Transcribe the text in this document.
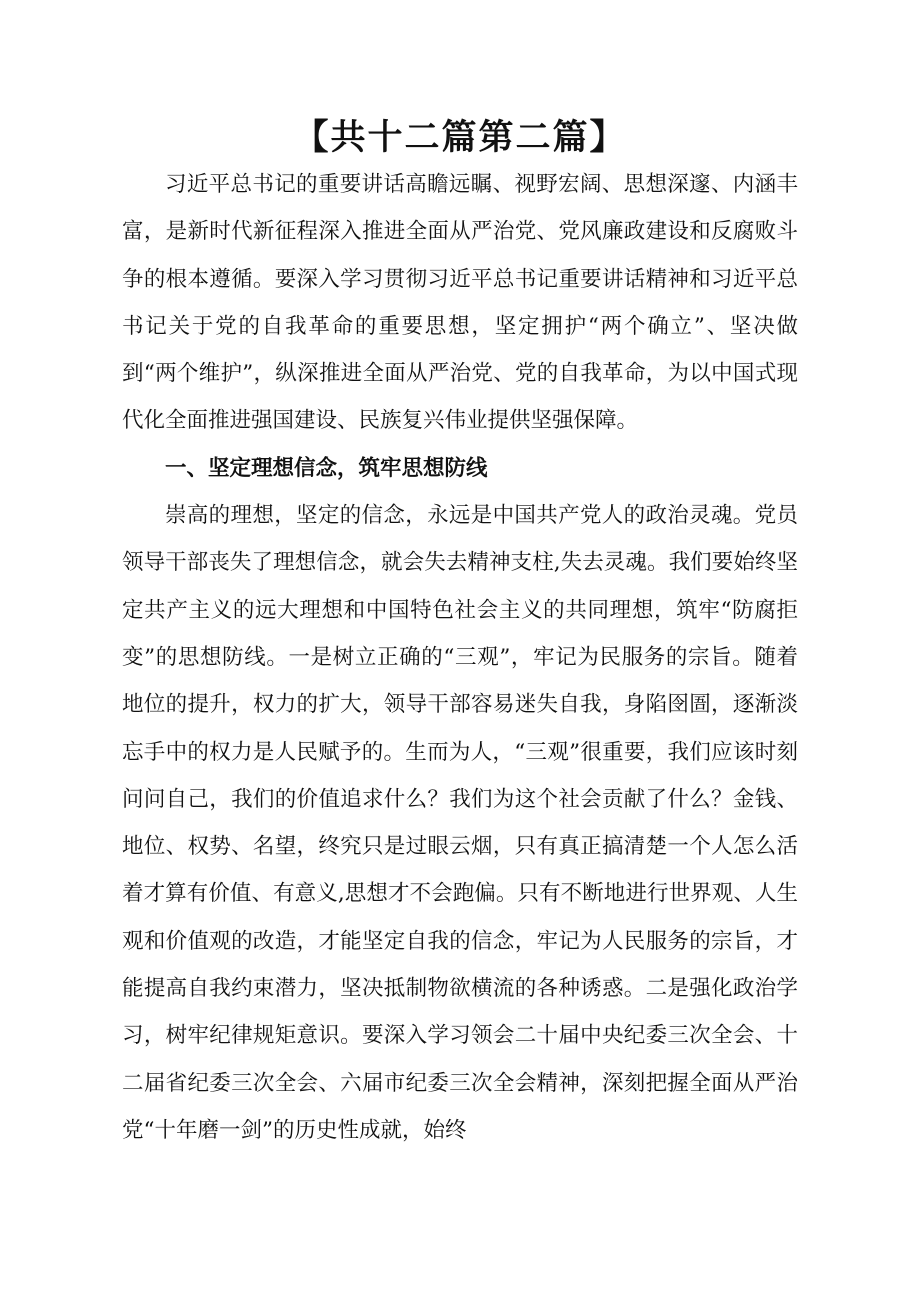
【共十二篇第二篇】

习近平总书记的重要讲话高瞻远瞩、视野宏阔、思想深邃、内涵丰富，是新时代新征程深入推进全面从严治党、党风廉政建设和反腐败斗争的根本遵循。要深入学习贯彻习近平总书记重要讲话精神和习近平总书记关于党的自我革命的重要思想，坚定拥护“两个确立”、坚决做到“两个维护”，纵深推进全面从严治党、党的自我革命，为以中国式现代化全面推进强国建设、民族复兴伟业提供坚强保障。

一、坚定理想信念，筑牢思想防线

崇高的理想，坚定的信念，永远是中国共产党人的政治灵魂。党员领导干部丧失了理想信念，就会失去精神支柱,失去灵魂。我们要始终坚定共产主义的远大理想和中国特色社会主义的共同理想，筑牢“防腐拒变”的思想防线。一是树立正确的“三观”，牢记为民服务的宗旨。随着地位的提升，权力的扩大，领导干部容易迷失自我，身陷囹圄，逐渐淡忘手中的权力是人民赋予的。生而为人，“三观”很重要，我们应该时刻问问自己，我们的价值追求什么？我们为这个社会贡献了什么？金钱、地位、权势、名望，终究只是过眼云烟，只有真正搞清楚一个人怎么活着才算有价值、有意义,思想才不会跑偏。只有不断地进行世界观、人生观和价值观的改造，才能坚定自我的信念，牢记为人民服务的宗旨，才能提高自我约束潜力，坚决抵制物欲横流的各种诱惑。二是强化政治学习，树牢纪律规矩意识。要深入学习领会二十届中央纪委三次全会、十二届省纪委三次全会、六届市纪委三次全会精神，深刻把握全面从严治党“十年磨一剑”的历史性成就，始终
